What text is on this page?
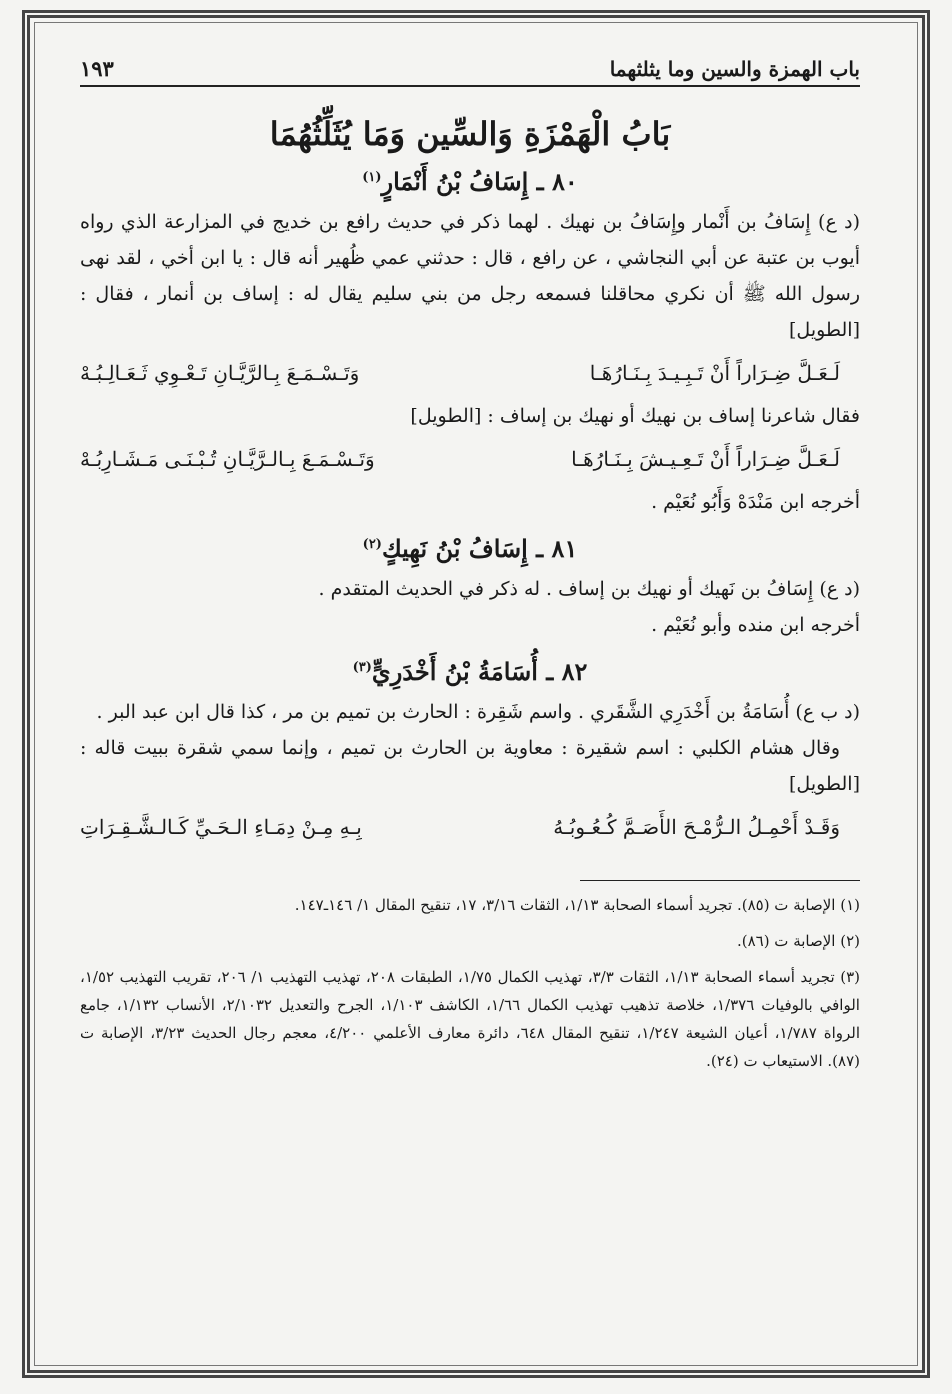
باب الهمزة والسين وما يثلثهما
١٩٣
بَابُ الْهَمْزَةِ وَالسِّين وَمَا يُثَلِّثُهُمَا
٨٠ ـ إِسَافُ بْنُ أَنْمَارٍ$^{(١)}$

(د ع) إِسَافُ بن أَنْمار وإِسَافُ بن نهيك . لهما ذكر في حديث رافع بن خديج في المزارعة الذي رواه أيوب بن عتبة عن أبي النجاشي ، عن رافع ، قال : حدثني عمي ظُهير أنه قال : يا ابن أخي ، لقد نهى رسول الله ﷺ أن نكري محاقلنا فسمعه رجل من بني سليم يقال له : إساف بن أنمار ، فقال : [الطويل]

لَـعَـلَّ ضِـرَاراً أَنْ تَـبِـيـدَ بِـنَـارُهَـا
وَتَـسْـمَـعَ بِـالرَّيَّـانِ تَـعْـوِي ثَـعَـالِـبُـهْ

فقال شاعرنا إساف بن نهيك أو نهيك بن إساف : [الطويل]

لَـعَـلَّ ضِـرَاراً أَنْ تَـعِـيـشَ بِـنَـارُهَـا
وَتَـسْـمَـعَ بِـالـرَّيَّـانِ تُـبْـنَـى مَـشَـارِبُـهْ

أخرجه ابن مَنْدَهْ وَأَبُو نُعَيْم .

٨١ ـ إِسَافُ بْنُ نَهِيكٍ$^{(٢)}$

(د ع) إِسَافُ بن نَهيك أو نهيك بن إساف . له ذكر في الحديث المتقدم .

أخرجه ابن منده وأبو نُعَيْم .

٨٢ ـ أُسَامَةُ بْنُ أَخْدَرِيٍّ$^{(٣)}$

(د ب ع) أُسَامَةُ بن أَخْدَرِي الشَّقَري . واسم شَقِرة : الحارث بن تميم بن مر ، كذا قال ابن عبد البر .

وقال هشام الكلبي : اسم شقيرة : معاوية بن الحارث بن تميم ، وإنما سمي شقرة ببيت قاله : [الطويل]

وَقَـدْ أَحْمِـلُ الـرُّمْـحَ الأَصَـمَّ كُـعُـوبُـهُ
بِـهِ مِـنْ دِمَـاءِ الـحَـيِّ كَـالـشَّـقِـرَاتِ

(١) الإصابة ت (٨٥). تجريد أسماء الصحابة ١/١٣، الثقات ٣/١٦، ١٧، تنقيح المقال ١/ ١٤٦ـ١٤٧.

(٢) الإصابة ت (٨٦).

(٣) تجريد أسماء الصحابة ١/١٣، الثقات ٣/٣، تهذيب الكمال ١/٧٥، الطبقات ٢٠٨، تهذيب التهذيب ١/ ٢٠٦، تقريب التهذيب ١/٥٢، الوافي بالوفيات ١/٣٧٦، خلاصة تذهيب تهذيب الكمال ١/٦٦، الكاشف ١/١٠٣، الجرح والتعديل ٢/١٠٣٢، الأنساب ١/١٣٢، جامع الرواة ١/٧٨٧، أعيان الشيعة ١/٢٤٧، تنقيح المقال ٦٤٨، دائرة معارف الأعلمي ٤/٢٠٠، معجم رجال الحديث ٣/٢٣، الإصابة ت (٨٧). الاستيعاب ت (٢٤).
